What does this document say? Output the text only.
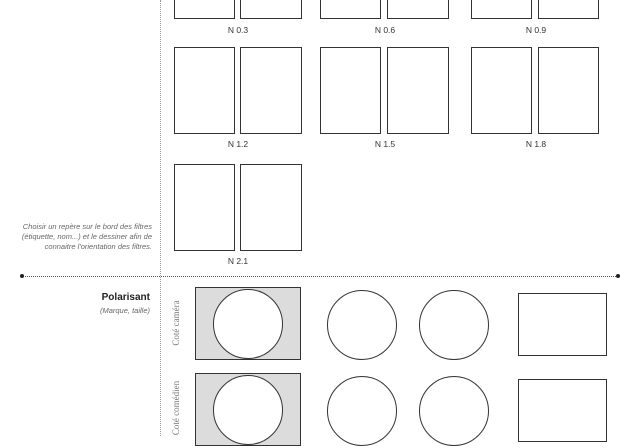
N 0.3	N 0.6	N 0.9
N 1.2	N 1.5	N 1.8
N 2.1
Choisir un repère sur le bord des filtres (étiquette, nom...) et le dessiner afin de connaitre l'orientation des filtres.
Polarisant
(Marque, taille) Coté caméra
Coté comédien
